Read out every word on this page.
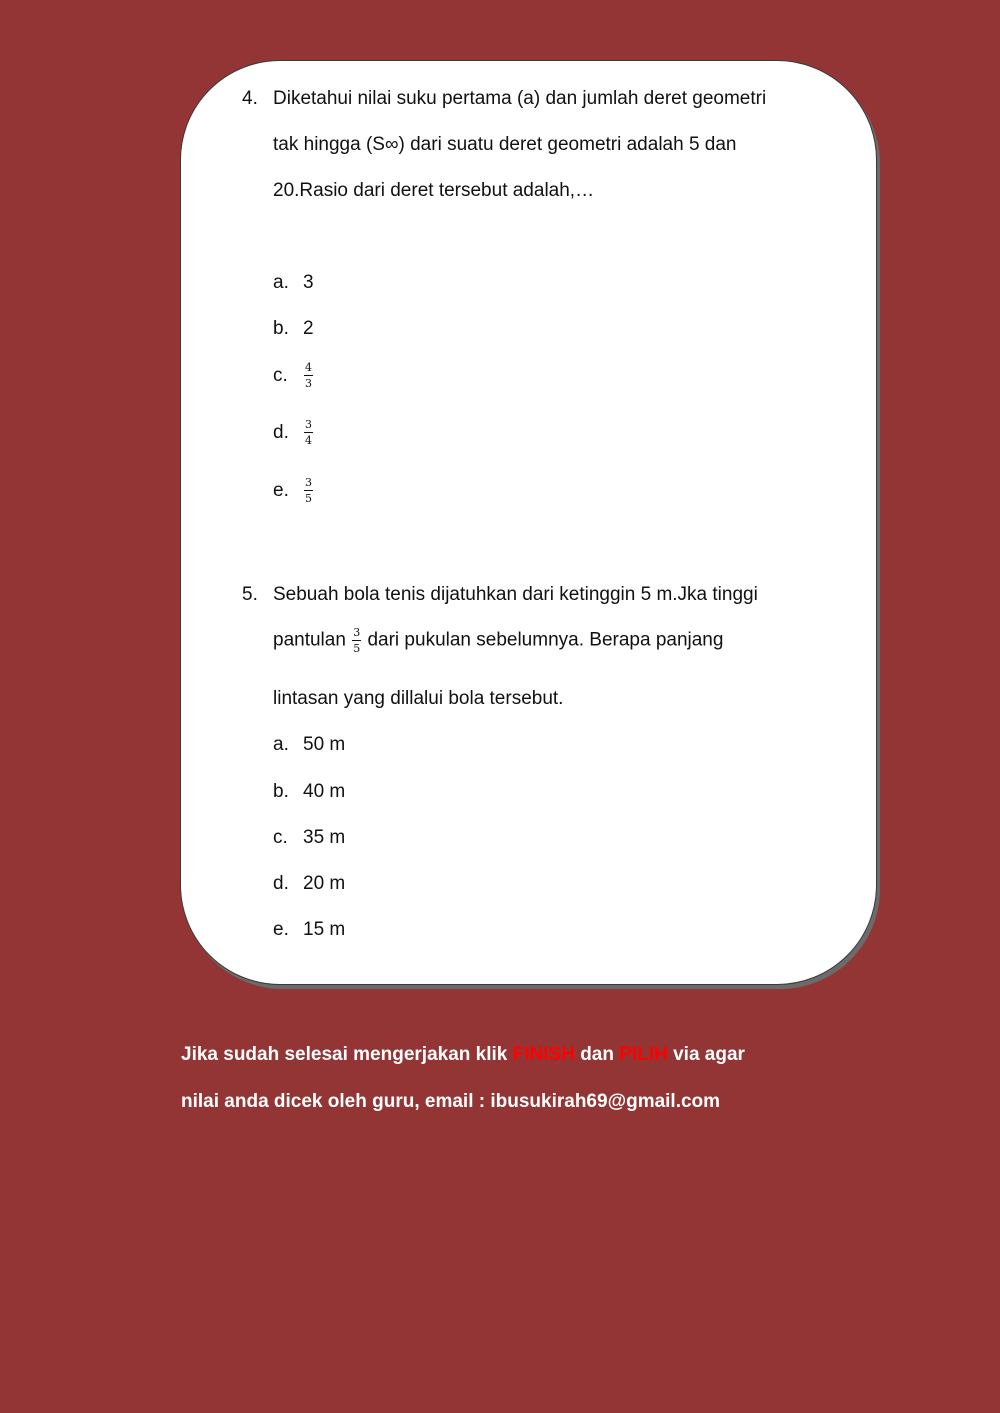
4. Diketahui nilai suku pertama (a) dan jumlah deret geometri
tak hingga (S∞) dari suatu deret geometri adalah 5 dan
20.Rasio dari deret tersebut adalah,…
a. 3
b. 2
c. $\frac{4}{3}$
d. $\frac{3}{4}$
e. $\frac{3}{5}$
5. Sebuah bola tenis dijatuhkan dari ketinggin 5 m.Jka tinggi
pantulan $\frac{3}{5}$ dari pukulan sebelumnya. Berapa panjang
lintasan yang dillalui bola tersebut.
a. 50 m
b. 40 m
c. 35 m
d. 20 m
e. 15 m
Jika sudah selesai mengerjakan klik FINISH dan PILIH via agar
nilai anda dicek oleh guru, email : ibusukirah69@gmail.com
